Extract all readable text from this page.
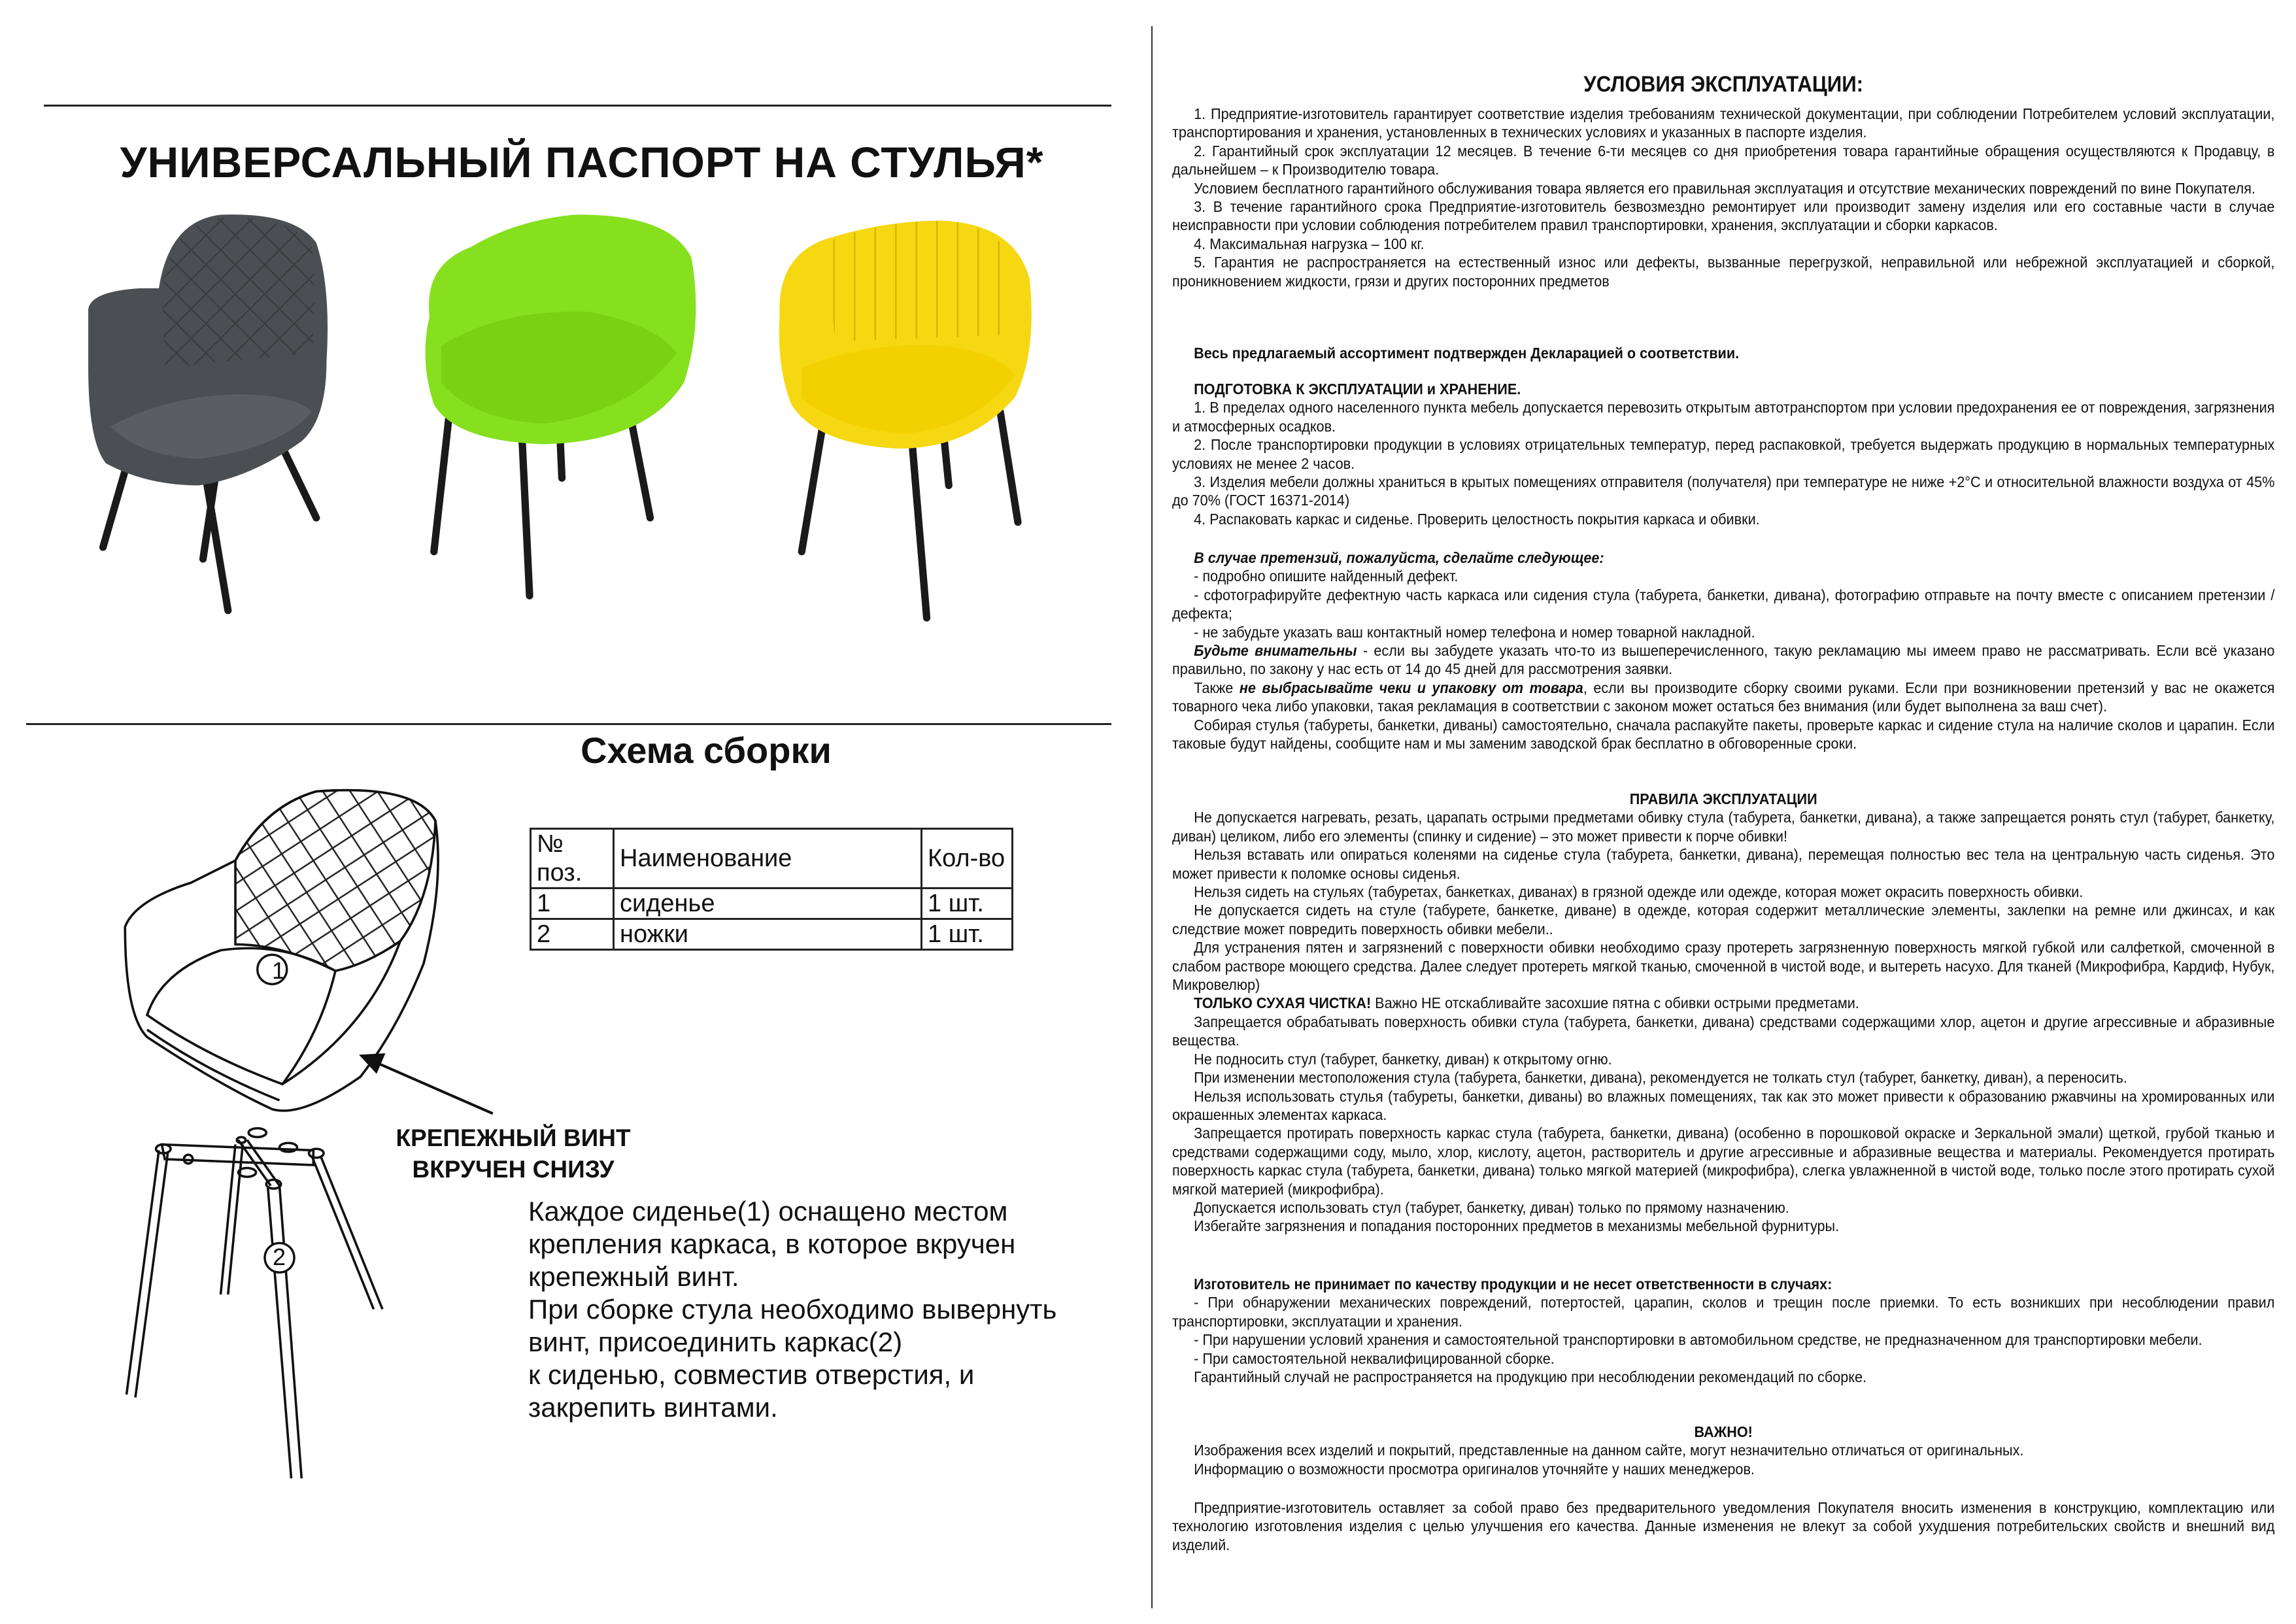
УНИВЕРСАЛЬНЫЙ ПАСПОРТ НА СТУЛЬЯ*
1
2
Схема сборки
№ поз.	Наименование	Кол-во
1	сиденье	1 шт.
2	ножки	1 шт.
КРЕПЕЖНЫЙ ВИНТ
ВКРУЧЕН СНИЗУ
Каждое сиденье(1) оснащено местом
крепления каркаса, в которое вкручен
крепежный винт.
При сборке стула необходимо вывернуть
винт, присоединить каркас(2)
к сиденью, совместив отверстия, и
закрепить винтами.

УСЛОВИЯ ЭКСПЛУАТАЦИИ:

1. Предприятие-изготовитель гарантирует соответствие изделия требованиям технической документации, при соблюдении Потребителем условий эксплуатации, транспортирования и хранения, установленных в технических условиях и указанных в паспорте изделия.

2. Гарантийный срок эксплуатации 12 месяцев. В течение 6-ти месяцев со дня приобретения товара гарантийные обращения осуществляются к Продавцу, в дальнейшем – к Производителю товара.

Условием бесплатного гарантийного обслуживания товара является его правильная эксплуатация и отсутствие механических повреждений по вине Покупателя.

3. В течение гарантийного срока Предприятие-изготовитель безвозмездно ремонтирует или производит замену изделия или его составные части в случае неисправности при условии соблюдения потребителем правил транспортировки, хранения, эксплуатации и сборки каркасов.

4. Максимальная нагрузка – 100 кг.

5. Гарантия не распространяется на естественный износ или дефекты, вызванные перегрузкой, неправильной или небрежной эксплуатацией и сборкой, проникновением жидкости, грязи и других посторонних предметов

Весь предлагаемый ассортимент подтвержден Декларацией о соответствии.

ПОДГОТОВКА К ЭКСПЛУАТАЦИИ и ХРАНЕНИЕ.

1. В пределах одного населенного пункта мебель допускается перевозить открытым автотранспортом при условии предохранения ее от повреждения, загрязнения и атмосферных осадков.

2. После транспортировки продукции в условиях отрицательных температур, перед распаковкой, требуется выдержать продукцию в нормальных температурных условиях не менее 2 часов.

3. Изделия мебели должны храниться в крытых помещениях отправителя (получателя) при температуре не ниже +2°С и относительной влажности воздуха от 45% до 70% (ГОСТ 16371-2014)

4. Распаковать каркас и сиденье. Проверить целостность покрытия каркаса и обивки.

В случае претензий, пожалуйста, сделайте следующее:

- подробно опишите найденный дефект.

- сфотографируйте дефектную часть каркаса или сидения стула (табурета, банкетки, дивана), фотографию отправьте на почту вместе с описанием претензии / дефекта;

- не забудьте указать ваш контактный номер телефона и номер товарной накладной.

Будьте внимательны - если вы забудете указать что-то из вышеперечисленного, такую рекламацию мы имеем право не рассматривать. Если всё указано правильно, по закону у нас есть от 14 до 45 дней для рассмотрения заявки.

Также не выбрасывайте чеки и упаковку от товара, если вы производите сборку своими руками. Если при возникновении претензий у вас не окажется товарного чека либо упаковки, такая рекламация в соответствии с законом может остаться без внимания (или будет выполнена за ваш счет).

Собирая стулья (табуреты, банкетки, диваны) самостоятельно, сначала распакуйте пакеты, проверьте каркас и сидение стула на наличие сколов и царапин. Если таковые будут найдены, сообщите нам и мы заменим заводской брак бесплатно в обговоренные сроки.

ПРАВИЛА ЭКСПЛУАТАЦИИ

Не допускается нагревать, резать, царапать острыми предметами обивку стула (табурета, банкетки, дивана), а также запрещается ронять стул (табурет, банкетку, диван) целиком, либо его элементы (спинку и сидение) – это может привести к порче обивки!

Нельзя вставать или опираться коленями на сиденье стула (табурета, банкетки, дивана), перемещая полностью вес тела на центральную часть сиденья. Это может привести к поломке основы сиденья.

Нельзя сидеть на стульях (табуретах, банкетках, диванах) в грязной одежде или одежде, которая может окрасить поверхность обивки.

Не допускается сидеть на стуле (табурете, банкетке, диване) в одежде, которая содержит металлические элементы, заклепки на ремне или джинсах, и как следствие может повредить поверхность обивки мебели..

Для устранения пятен и загрязнений с поверхности обивки необходимо сразу протереть загрязненную поверхность мягкой губкой или салфеткой, смоченной в слабом растворе моющего средства. Далее следует протереть мягкой тканью, смоченной в чистой воде, и вытереть насухо. Для тканей (Микрофибра, Кардиф, Нубук, Микровелюр)

ТОЛЬКО СУХАЯ ЧИСТКА! Важно НЕ отскабливайте засохшие пятна с обивки острыми предметами.

Запрещается обрабатывать поверхность обивки стула (табурета, банкетки, дивана) средствами содержащими хлор, ацетон и другие агрессивные и абразивные вещества.

Не подносить стул (табурет, банкетку, диван) к открытому огню.

При изменении местоположения стула (табурета, банкетки, дивана), рекомендуется не толкать стул (табурет, банкетку, диван), а переносить.

Нельзя использовать стулья (табуреты, банкетки, диваны) во влажных помещениях, так как это может привести к образованию ржавчины на хромированных или окрашенных элементах каркаса.

Запрещается протирать поверхность каркас стула (табурета, банкетки, дивана) (особенно в порошковой окраске и Зеркальной эмали) щеткой, грубой тканью и средствами содержащими соду, мыло, хлор, кислоту, ацетон, растворитель и другие агрессивные и абразивные вещества и материалы. Рекомендуется протирать поверхность каркас стула (табурета, банкетки, дивана) только мягкой материей (микрофибра), слегка увлажненной в чистой воде, только после этого протирать сухой мягкой материей (микрофибра).

Допускается использовать стул (табурет, банкетку, диван) только по прямому назначению.

Избегайте загрязнения и попадания посторонних предметов в механизмы мебельной фурнитуры.

Изготовитель не принимает по качеству продукции и не несет ответственности в случаях:

- При обнаружении механических повреждений, потертостей, царапин, сколов и трещин после приемки. То есть возникших при несоблюдении правил транспортировки, эксплуатации и хранения.

- При нарушении условий хранения и самостоятельной транспортировки в автомобильном средстве, не предназначенном для транспортировки мебели.

- При самостоятельной неквалифицированной сборке.

Гарантийный случай не распространяется на продукцию при несоблюдении рекомендаций по сборке.

ВАЖНО!

Изображения всех изделий и покрытий, представленные на данном сайте, могут незначительно отличаться от оригинальных.

Информацию о возможности просмотра оригиналов уточняйте у наших менеджеров.

Предприятие-изготовитель оставляет за собой право без предварительного уведомления Покупателя вносить изменения в конструкцию, комплектацию или технологию изготовления изделия с целью улучшения его качества. Данные изменения не влекут за собой ухудшения потребительских свойств и внешний вид изделий.
